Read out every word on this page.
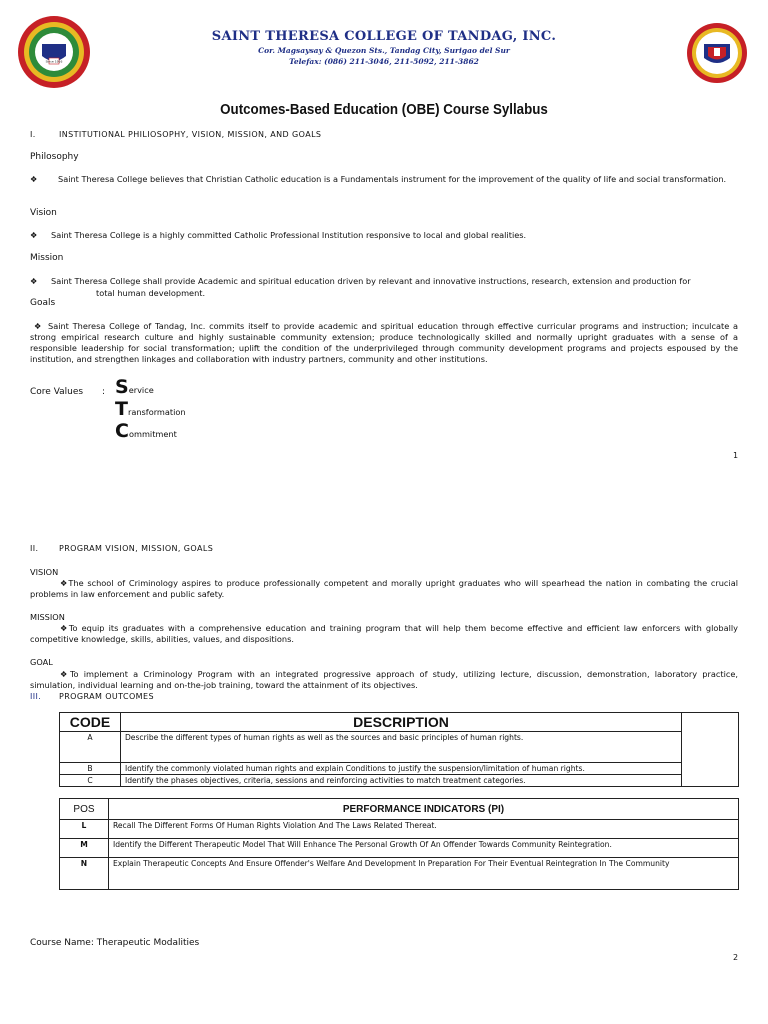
Since 1916
SAINT THERESA COLLEGE OF TANDAG, INC.
Cor. Magsaysay & Quezon Sts., Tandag City, Surigao del Sur
Telefax: (086) 211-3046, 211-5092, 211-3862
Outcomes-Based Education (OBE) Course Syllabus
I.	INSTITUTIONAL PHILIOSOPHY, VISION, MISSION, AND GOALS
Philosophy
❖	Saint Theresa College believes that Christian Catholic education is a Fundamentals instrument for the improvement of the quality of life and social transformation.
Vision
❖ Saint Theresa College is a highly committed Catholic Professional Institution responsive to local and global realities.
Mission
❖ Saint Theresa College shall provide Academic and spiritual education driven by relevant and innovative instructions, research, extension and production for
total human development.
Goals
❖ Saint Theresa College of Tandag, Inc. commits itself to provide academic and spiritual education through effective curricular programs and instruction; inculcate a strong empirical research culture and highly sustainable community extension; produce technologically skilled and normally upright graduates with a sense of a responsible leadership for social transformation; uplift the condition of the underprivileged through community development programs and projects espoused by the institution, and strengthen linkages and collaboration with industry partners, community and other institutions.
Core Values : Service
Transformation
Commitment
1
II.	PROGRAM VISION, MISSION, GOALS
VISION
❖The school of Criminology aspires to produce professionally competent and morally upright graduates who will spearhead the nation in combating the crucial problems in law enforcement and public safety.
MISSION
❖To equip its graduates with a comprehensive education and training program that will help them become effective and efficient law enforcers with globally competitive knowledge, skills, abilities, values, and dispositions.
GOAL
❖To implement a Criminology Program with an integrated progressive approach of study, utilizing lecture, discussion, demonstration, laboratory practice, simulation, individual learning and on-the-job training, toward the attainment of its objectives.
III. PROGRAM OUTCOMES
CODE	DESCRIPTION	
A	Describe the different types of human rights as well as the sources and basic principles of human rights.	
B	Identify the commonly violated human rights and explain Conditions to justify the suspension/limitation of human rights.	
C	Identify the phases objectives, criteria, sessions and reinforcing activities to match treatment categories.	
POS	PERFORMANCE INDICATORS (PI)
L	Recall The Different Forms Of Human Rights Violation And The Laws Related Thereat.
M	Identify the Different Therapeutic Model That Will Enhance The Personal Growth Of An Offender Towards Community Reintegration.
N	Explain Therapeutic Concepts And Ensure Offender's Welfare And Development In Preparation For Their Eventual Reintegration In The Community
Course Name: Therapeutic Modalities
2
